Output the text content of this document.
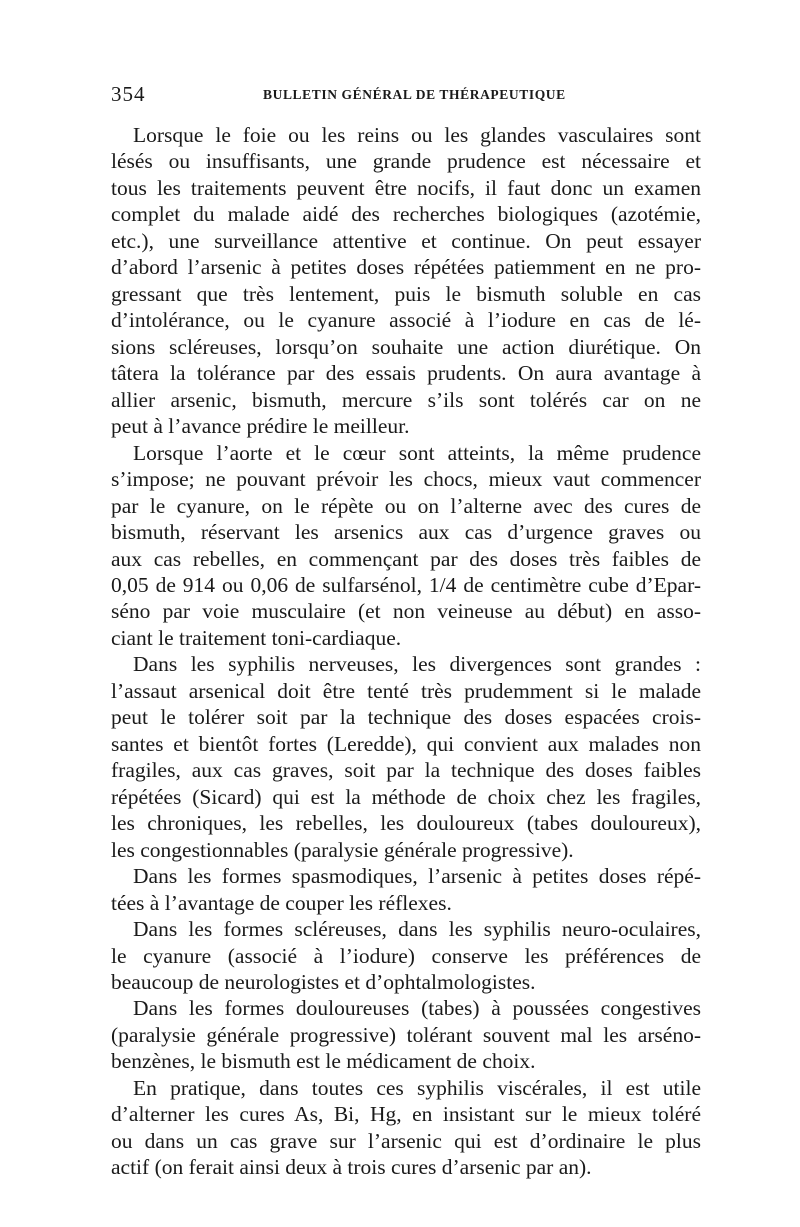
354	BULLETIN GÉNÉRAL DE THÉRAPEUTIQUE
Lorsque le foie ou les reins ou les glandes vasculaires sont
lésés ou insuffisants, une grande prudence est nécessaire et
tous les traitements peuvent être nocifs, il faut donc un examen
complet du malade aidé des recherches biologiques (azotémie,
etc.), une surveillance attentive et continue. On peut essayer
d’abord l’arsenic à petites doses répétées patiemment en ne pro-
gressant que très lentement, puis le bismuth soluble en cas
d’intolérance, ou le cyanure associé à l’iodure en cas de lé-
sions scléreuses, lorsqu’on souhaite une action diurétique. On
tâtera la tolérance par des essais prudents. On aura avantage à
allier arsenic, bismuth, mercure s’ils sont tolérés car on ne
peut à l’avance prédire le meilleur.
Lorsque l’aorte et le cœur sont atteints, la même prudence
s’impose; ne pouvant prévoir les chocs, mieux vaut commencer
par le cyanure, on le répète ou on l’alterne avec des cures de
bismuth, réservant les arsenics aux cas d’urgence graves ou
aux cas rebelles, en commençant par des doses très faibles de
0,05 de 914 ou 0,06 de sulfarsénol, 1/4 de centimètre cube d’Epar-
séno par voie musculaire (et non veineuse au début) en asso-
ciant le traitement toni-cardiaque.
Dans les syphilis nerveuses, les divergences sont grandes :
l’assaut arsenical doit être tenté très prudemment si le malade
peut le tolérer soit par la technique des doses espacées crois-
santes et bientôt fortes (Leredde), qui convient aux malades non
fragiles, aux cas graves, soit par la technique des doses faibles
répétées (Sicard) qui est la méthode de choix chez les fragiles,
les chroniques, les rebelles, les douloureux (tabes douloureux),
les congestionnables (paralysie générale progressive).
Dans les formes spasmodiques, l’arsenic à petites doses répé-
tées à l’avantage de couper les réflexes.
Dans les formes scléreuses, dans les syphilis neuro-oculaires,
le cyanure (associé à l’iodure) conserve les préférences de
beaucoup de neurologistes et d’ophtalmologistes.
Dans les formes douloureuses (tabes) à poussées congestives
(paralysie générale progressive) tolérant souvent mal les arséno-
benzènes, le bismuth est le médicament de choix.
En pratique, dans toutes ces syphilis viscérales, il est utile
d’alterner les cures As, Bi, Hg, en insistant sur le mieux toléré
ou dans un cas grave sur l’arsenic qui est d’ordinaire le plus
actif (on ferait ainsi deux à trois cures d’arsenic par an).
